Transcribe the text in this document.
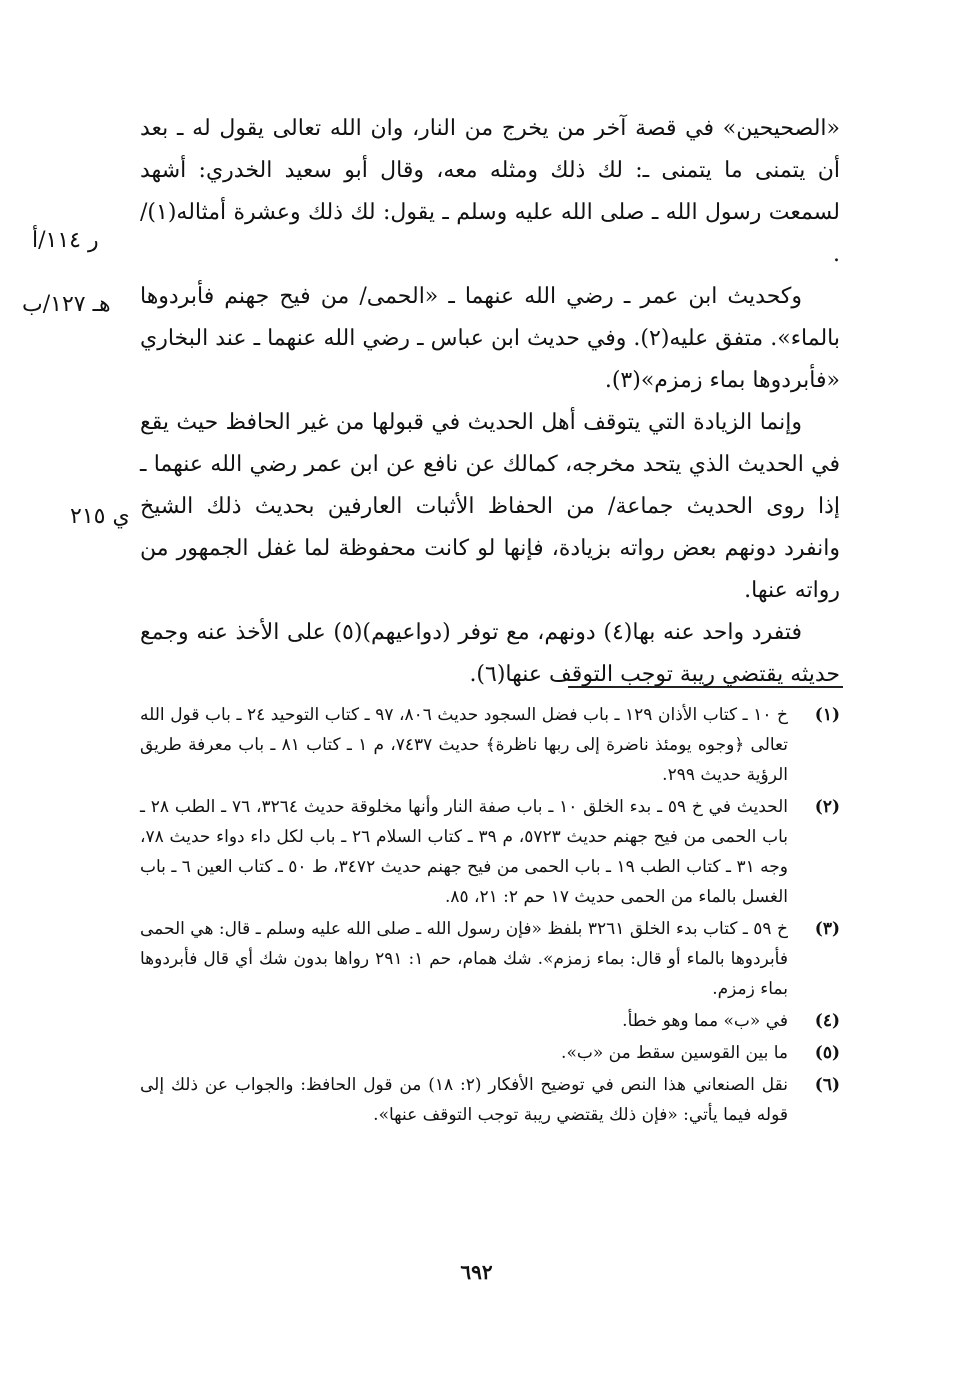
«الصحيحين» في قصة آخر من يخرج من النار، وان الله تعالى يقول له ـ بعد أن يتمنى ما يتمنى ـ: لك ذلك ومثله معه، وقال أبو سعيد الخدري: أشهد لسمعت رسول الله ـ صلى الله عليه وسلم ـ يقول: لك ذلك وعشرة أمثاله(١)/ .

وكحديث ابن عمر ـ رضي الله عنهما ـ «الحمى/ من فيح جهنم فأبردوها بالماء». متفق عليه(٢). وفي حديث ابن عباس ـ رضي الله عنهما ـ عند البخاري «فأبردوها بماء زمزم»(٣).

وإنما الزيادة التي يتوقف أهل الحديث في قبولها من غير الحافظ حيث يقع في الحديث الذي يتحد مخرجه، كمالك عن نافع عن ابن عمر رضي الله عنهما ـ إذا روى الحديث جماعة/ من الحفاظ الأثبات العارفين بحديث ذلك الشيخ وانفرد دونهم بعض رواته بزيادة، فإنها لو كانت محفوظة لما غفل الجمهور من رواته عنها.

فتفرد واحد عنه بها(٤) دونهم، مع توفر (دواعيهم)(٥) على الأخذ عنه وجمع حديثه يقتضي ريبة توجب التوقف عنها(٦).

ر ١١٤/أ
هـ ١٢٧/ب
ي ٢١٥
(١)
خ ١٠ ـ كتاب الأذان ١٢٩ ـ باب فضل السجود حديث ٨٠٦، ٩٧ ـ كتاب التوحيد ٢٤ ـ باب قول الله تعالى ﴿وجوه يومئذ ناضرة إلى ربها ناظرة﴾ حديث ٧٤٣٧، م ١ ـ كتاب ٨١ ـ باب معرفة طريق الرؤية حديث ٢٩٩.
(٢)
الحديث في خ ٥٩ ـ بدء الخلق ١٠ ـ باب صفة النار وأنها مخلوقة حديث ٣٢٦٤، ٧٦ ـ الطب ٢٨ ـ باب الحمى من فيح جهنم حديث ٥٧٢٣، م ٣٩ ـ كتاب السلام ٢٦ ـ باب لكل داء دواء حديث ٧٨، وجه ٣١ ـ كتاب الطب ١٩ ـ باب الحمى من فيح جهنم حديث ٣٤٧٢، ط ٥٠ ـ كتاب العين ٦ ـ باب الغسل بالماء من الحمى حديث ١٧ حم ٢: ٢١، ٨٥.
(٣)
خ ٥٩ ـ كتاب بدء الخلق ٣٢٦١ بلفظ «فإن رسول الله ـ صلى الله عليه وسلم ـ قال: هي الحمى فأبردوها بالماء أو قال: بماء زمزم». شك همام، حم ١: ٢٩١ رواها بدون شك أي قال فأبردوها بماء زمزم.
(٤)
في «ب» مما وهو خطأ.
(٥)
ما بين القوسين سقط من «ب».
(٦)
نقل الصنعاني هذا النص في توضيح الأفكار (٢: ١٨) من قول الحافظ: والجواب عن ذلك إلى قوله فيما يأتي: «فإن ذلك يقتضي ريبة توجب التوقف عنها».
٦٩٢
